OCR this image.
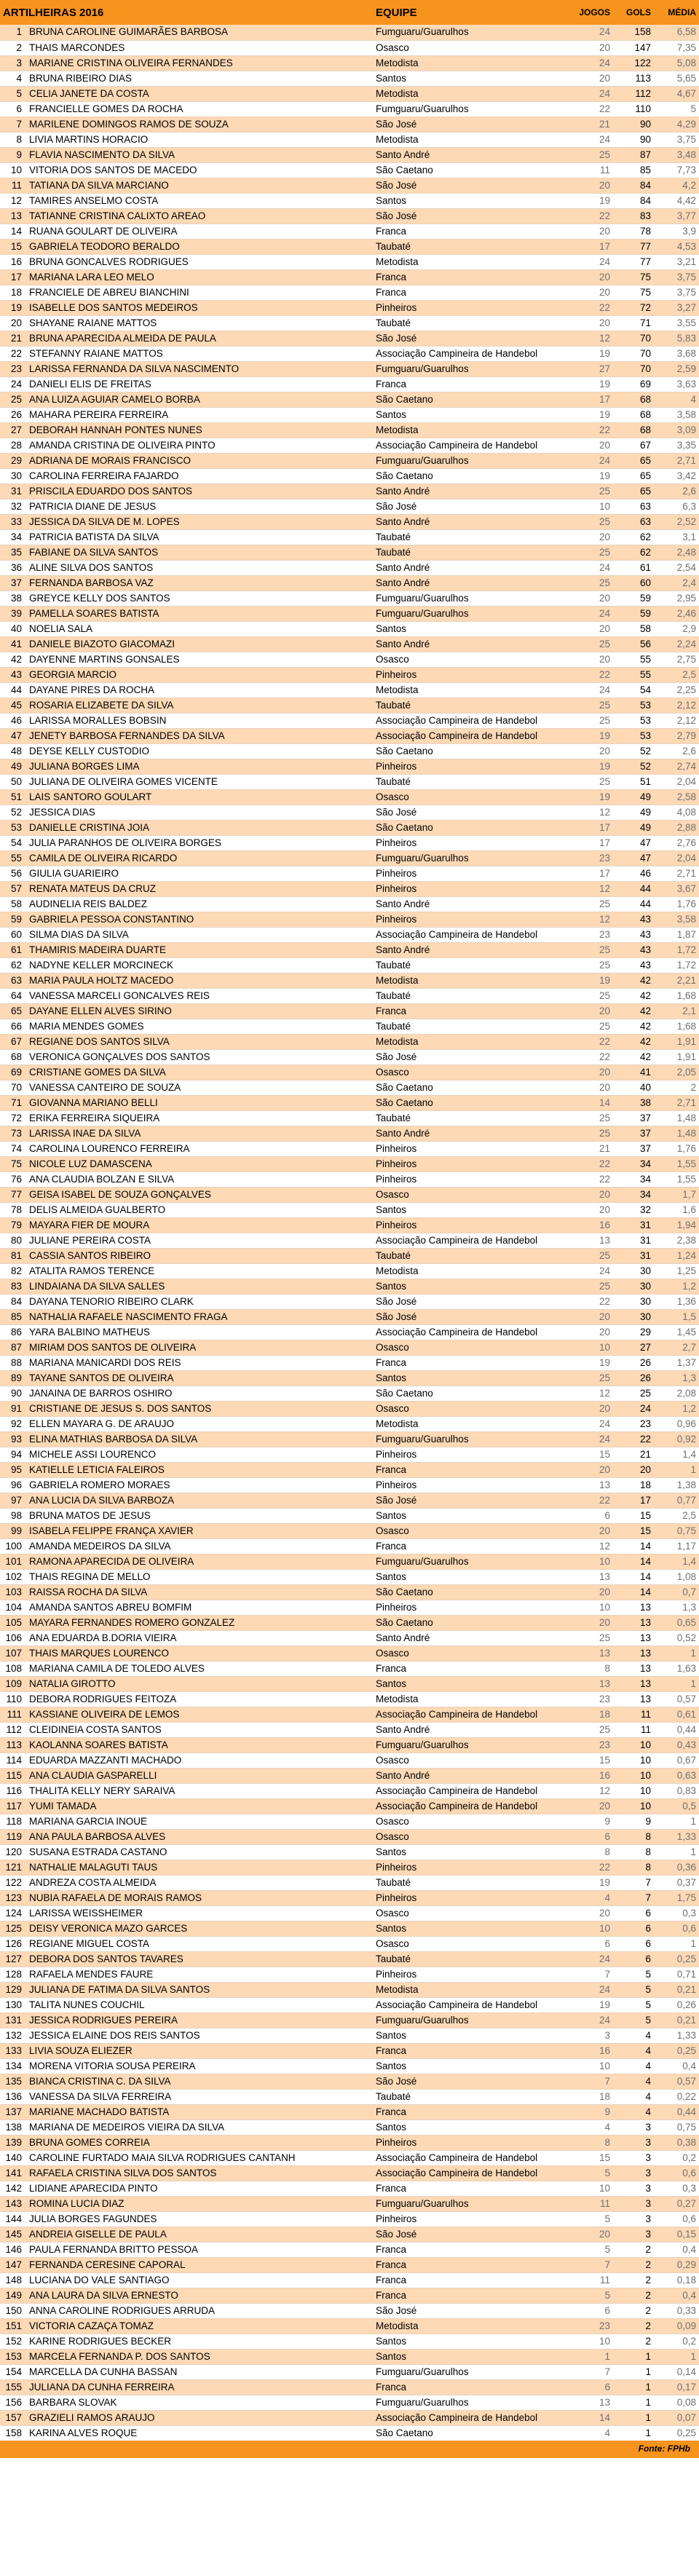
ARTILHEIRAS 2016		EQUIPE	JOGOS	GOLS	MÉDIA
1	BRUNA CAROLINE GUIMARÃES BARBOSA	Fumguaru/Guarulhos	24	158	6,58
2	THAIS MARCONDES	Osasco	20	147	7,35
3	MARIANE CRISTINA OLIVEIRA FERNANDES	Metodista	24	122	5,08
4	BRUNA RIBEIRO DIAS	Santos	20	113	5,65
5	CELIA JANETE DA COSTA	Metodista	24	112	4,67
6	FRANCIELLE GOMES DA ROCHA	Fumguaru/Guarulhos	22	110	5
7	MARILENE DOMINGOS RAMOS DE SOUZA	São José	21	90	4,29
8	LIVIA MARTINS HORACIO	Metodista	24	90	3,75
9	FLAVIA NASCIMENTO DA SILVA	Santo André	25	87	3,48
10	VITORIA DOS SANTOS DE MACEDO	São Caetano	11	85	7,73
11	TATIANA DA SILVA MARCIANO	São José	20	84	4,2
12	TAMIRES ANSELMO COSTA	Santos	19	84	4,42
13	TATIANNE CRISTINA CALIXTO AREAO	São José	22	83	3,77
14	RUANA GOULART DE OLIVEIRA	Franca	20	78	3,9
15	GABRIELA TEODORO BERALDO	Taubaté	17	77	4,53
16	BRUNA GONCALVES RODRIGUES	Metodista	24	77	3,21
17	MARIANA LARA LEO MELO	Franca	20	75	3,75
18	FRANCIELE DE ABREU BIANCHINI	Franca	20	75	3,75
19	ISABELLE DOS SANTOS MEDEIROS	Pinheiros	22	72	3,27
20	SHAYANE RAIANE MATTOS	Taubaté	20	71	3,55
21	BRUNA APARECIDA ALMEIDA DE PAULA	São José	12	70	5,83
22	STEFANNY RAIANE MATTOS	Associação Campineira de Handebol	19	70	3,68
23	LARISSA FERNANDA DA SILVA NASCIMENTO	Fumguaru/Guarulhos	27	70	2,59
24	DANIELI ELIS DE FREITAS	Franca	19	69	3,63
25	ANA LUIZA AGUIAR CAMELO BORBA	São Caetano	17	68	4
26	MAHARA PEREIRA FERREIRA	Santos	19	68	3,58
27	DEBORAH HANNAH PONTES NUNES	Metodista	22	68	3,09
28	AMANDA CRISTINA DE OLIVEIRA PINTO	Associação Campineira de Handebol	20	67	3,35
29	ADRIANA DE MORAIS FRANCISCO	Fumguaru/Guarulhos	24	65	2,71
30	CAROLINA FERREIRA FAJARDO	São Caetano	19	65	3,42
31	PRISCILA EDUARDO DOS SANTOS	Santo André	25	65	2,6
32	PATRICIA DIANE DE JESUS	São José	10	63	6,3
33	JESSICA DA SILVA DE M. LOPES	Santo André	25	63	2,52
34	PATRICIA BATISTA DA SILVA	Taubaté	20	62	3,1
35	FABIANE DA SILVA SANTOS	Taubaté	25	62	2,48
36	ALINE SILVA DOS SANTOS	Santo André	24	61	2,54
37	FERNANDA BARBOSA VAZ	Santo André	25	60	2,4
38	GREYCE KELLY DOS SANTOS	Fumguaru/Guarulhos	20	59	2,95
39	PAMELLA SOARES BATISTA	Fumguaru/Guarulhos	24	59	2,46
40	NOELIA SALA	Santos	20	58	2,9
41	DANIELE BIAZOTO GIACOMAZI	Santo André	25	56	2,24
42	DAYENNE MARTINS GONSALES	Osasco	20	55	2,75
43	GEORGIA MARCIO	Pinheiros	22	55	2,5
44	DAYANE PIRES DA ROCHA	Metodista	24	54	2,25
45	ROSARIA ELIZABETE DA SILVA	Taubaté	25	53	2,12
46	LARISSA MORALLES BOBSIN	Associação Campineira de Handebol	25	53	2,12
47	JENETY BARBOSA FERNANDES DA SILVA	Associação Campineira de Handebol	19	53	2,79
48	DEYSE KELLY CUSTODIO	São Caetano	20	52	2,6
49	JULIANA BORGES LIMA	Pinheiros	19	52	2,74
50	JULIANA DE OLIVEIRA GOMES VICENTE	Taubaté	25	51	2,04
51	LAIS SANTORO GOULART	Osasco	19	49	2,58
52	JESSICA DIAS	São José	12	49	4,08
53	DANIELLE CRISTINA JOIA	São Caetano	17	49	2,88
54	JULIA PARANHOS DE OLIVEIRA BORGES	Pinheiros	17	47	2,76
55	CAMILA DE OLIVEIRA RICARDO	Fumguaru/Guarulhos	23	47	2,04
56	GIULIA GUARIEIRO	Pinheiros	17	46	2,71
57	RENATA MATEUS DA CRUZ	Pinheiros	12	44	3,67
58	AUDINELIA REIS BALDEZ	Santo André	25	44	1,76
59	GABRIELA PESSOA CONSTANTINO	Pinheiros	12	43	3,58
60	SILMA DIAS DA SILVA	Associação Campineira de Handebol	23	43	1,87
61	THAMIRIS MADEIRA DUARTE	Santo André	25	43	1,72
62	NADYNE KELLER MORCINECK	Taubaté	25	43	1,72
63	MARIA PAULA HOLTZ MACEDO	Metodista	19	42	2,21
64	VANESSA MARCELI GONCALVES REIS	Taubaté	25	42	1,68
65	DAYANE ELLEN ALVES SIRINO	Franca	20	42	2,1
66	MARIA MENDES GOMES	Taubaté	25	42	1,68
67	REGIANE DOS SANTOS SILVA	Metodista	22	42	1,91
68	VERONICA GONÇALVES DOS SANTOS	São José	22	42	1,91
69	CRISTIANE GOMES DA SILVA	Osasco	20	41	2,05
70	VANESSA CANTEIRO DE SOUZA	São Caetano	20	40	2
71	GIOVANNA MARIANO BELLI	São Caetano	14	38	2,71
72	ERIKA FERREIRA SIQUEIRA	Taubaté	25	37	1,48
73	LARISSA INAE DA SILVA	Santo André	25	37	1,48
74	CAROLINA LOURENCO FERREIRA	Pinheiros	21	37	1,76
75	NICOLE LUZ DAMASCENA	Pinheiros	22	34	1,55
76	ANA CLAUDIA BOLZAN E SILVA	Pinheiros	22	34	1,55
77	GEISA ISABEL DE SOUZA GONÇALVES	Osasco	20	34	1,7
78	DELIS ALMEIDA GUALBERTO	Santos	20	32	1,6
79	MAYARA FIER DE MOURA	Pinheiros	16	31	1,94
80	JULIANE PEREIRA COSTA	Associação Campineira de Handebol	13	31	2,38
81	CASSIA SANTOS RIBEIRO	Taubaté	25	31	1,24
82	ATALITA RAMOS TERENCE	Metodista	24	30	1,25
83	LINDAIANA DA SILVA SALLES	Santos	25	30	1,2
84	DAYANA TENORIO RIBEIRO CLARK	São José	22	30	1,36
85	NATHALIA RAFAELE NASCIMENTO FRAGA	São José	20	30	1,5
86	YARA BALBINO MATHEUS	Associação Campineira de Handebol	20	29	1,45
87	MIRIAM DOS SANTOS DE OLIVEIRA	Osasco	10	27	2,7
88	MARIANA MANICARDI DOS REIS	Franca	19	26	1,37
89	TAYANE SANTOS DE OLIVEIRA	Santos	25	26	1,3
90	JANAINA DE BARROS OSHIRO	São Caetano	12	25	2,08
91	CRISTIANE DE JESUS S. DOS SANTOS	Osasco	20	24	1,2
92	ELLEN MAYARA G. DE ARAUJO	Metodista	24	23	0,96
93	ELINA MATHIAS BARBOSA DA SILVA	Fumguaru/Guarulhos	24	22	0,92
94	MICHELE ASSI LOURENCO	Pinheiros	15	21	1,4
95	KATIELLE LETICIA FALEIROS	Franca	20	20	1
96	GABRIELA ROMERO MORAES	Pinheiros	13	18	1,38
97	ANA LUCIA DA SILVA BARBOZA	São José	22	17	0,77
98	BRUNA MATOS DE JESUS	Santos	6	15	2,5
99	ISABELA FELIPPE FRANÇA XAVIER	Osasco	20	15	0,75
100	AMANDA MEDEIROS DA SILVA	Franca	12	14	1,17
101	RAMONA APARECIDA DE OLIVEIRA	Fumguaru/Guarulhos	10	14	1,4
102	THAIS REGINA DE MELLO	Santos	13	14	1,08
103	RAISSA ROCHA DA SILVA	São Caetano	20	14	0,7
104	AMANDA SANTOS ABREU BOMFIM	Pinheiros	10	13	1,3
105	MAYARA FERNANDES ROMERO GONZALEZ	São Caetano	20	13	0,65
106	ANA EDUARDA B.DORIA VIEIRA	Santo André	25	13	0,52
107	THAIS MARQUES LOURENCO	Osasco	13	13	1
108	MARIANA CAMILA DE TOLEDO ALVES	Franca	8	13	1,63
109	NATALIA GIROTTO	Santos	13	13	1
110	DEBORA RODRIGUES FEITOZA	Metodista	23	13	0,57
111	KASSIANE OLIVEIRA DE LEMOS	Associação Campineira de Handebol	18	11	0,61
112	CLEIDINEIA COSTA SANTOS	Santo André	25	11	0,44
113	KAOLANNA SOARES BATISTA	Fumguaru/Guarulhos	23	10	0,43
114	EDUARDA MAZZANTI MACHADO	Osasco	15	10	0,67
115	ANA CLAUDIA GASPARELLI	Santo André	16	10	0,63
116	THALITA KELLY NERY SARAIVA	Associação Campineira de Handebol	12	10	0,83
117	YUMI TAMADA	Associação Campineira de Handebol	20	10	0,5
118	MARIANA GARCIA INOUE	Osasco	9	9	1
119	ANA PAULA BARBOSA ALVES	Osasco	6	8	1,33
120	SUSANA ESTRADA CASTANO	Santos	8	8	1
121	NATHALIE MALAGUTI TAUS	Pinheiros	22	8	0,36
122	ANDREZA COSTA ALMEIDA	Taubaté	19	7	0,37
123	NUBIA RAFAELA DE MORAIS RAMOS	Pinheiros	4	7	1,75
124	LARISSA WEISSHEIMER	Osasco	20	6	0,3
125	DEISY VERONICA MAZO GARCES	Santos	10	6	0,6
126	REGIANE MIGUEL COSTA	Osasco	6	6	1
127	DEBORA DOS SANTOS TAVARES	Taubaté	24	6	0,25
128	RAFAELA MENDES FAURE	Pinheiros	7	5	0,71
129	JULIANA DE FATIMA DA SILVA SANTOS	Metodista	24	5	0,21
130	TALITA NUNES COUCHIL	Associação Campineira de Handebol	19	5	0,26
131	JESSICA RODRIGUES PEREIRA	Fumguaru/Guarulhos	24	5	0,21
132	JESSICA ELAINE DOS REIS SANTOS	Santos	3	4	1,33
133	LIVIA SOUZA ELIEZER	Franca	16	4	0,25
134	MORENA VITORIA SOUSA PEREIRA	Santos	10	4	0,4
135	BIANCA CRISTINA C. DA SILVA	São José	7	4	0,57
136	VANESSA DA SILVA FERREIRA	Taubaté	18	4	0,22
137	MARIANE MACHADO BATISTA	Franca	9	4	0,44
138	MARIANA DE MEDEIROS VIEIRA DA SILVA	Santos	4	3	0,75
139	BRUNA GOMES CORREIA	Pinheiros	8	3	0,38
140	CAROLINE FURTADO MAIA SILVA RODRIGUES CANTANH	Associação Campineira de Handebol	15	3	0,2
141	RAFAELA CRISTINA SILVA DOS SANTOS	Associação Campineira de Handebol	5	3	0,6
142	LIDIANE APARECIDA PINTO	Franca	10	3	0,3
143	ROMINA LUCIA DIAZ	Fumguaru/Guarulhos	11	3	0,27
144	JULIA BORGES FAGUNDES	Pinheiros	5	3	0,6
145	ANDREIA GISELLE DE PAULA	São José	20	3	0,15
146	PAULA FERNANDA BRITTO PESSOA	Franca	5	2	0,4
147	FERNANDA CERESINE CAPORAL	Franca	7	2	0,29
148	LUCIANA DO VALE SANTIAGO	Franca	11	2	0,18
149	ANA LAURA DA SILVA ERNESTO	Franca	5	2	0,4
150	ANNA CAROLINE RODRIGUES ARRUDA	São José	6	2	0,33
151	VICTORIA CAZAÇA TOMAZ	Metodista	23	2	0,09
152	KARINE RODRIGUES BECKER	Santos	10	2	0,2
153	MARCELA FERNANDA P. DOS SANTOS	Santos	1	1	1
154	MARCELLA DA CUNHA BASSAN	Fumguaru/Guarulhos	7	1	0,14
155	JULIANA DA CUNHA FERREIRA	Franca	6	1	0,17
156	BARBARA SLOVAK	Fumguaru/Guarulhos	13	1	0,08
157	GRAZIELI RAMOS ARAUJO	Associação Campineira de Handebol	14	1	0,07
158	KARINA ALVES ROQUE	São Caetano	4	1	0,25
Fonte: FPHb
